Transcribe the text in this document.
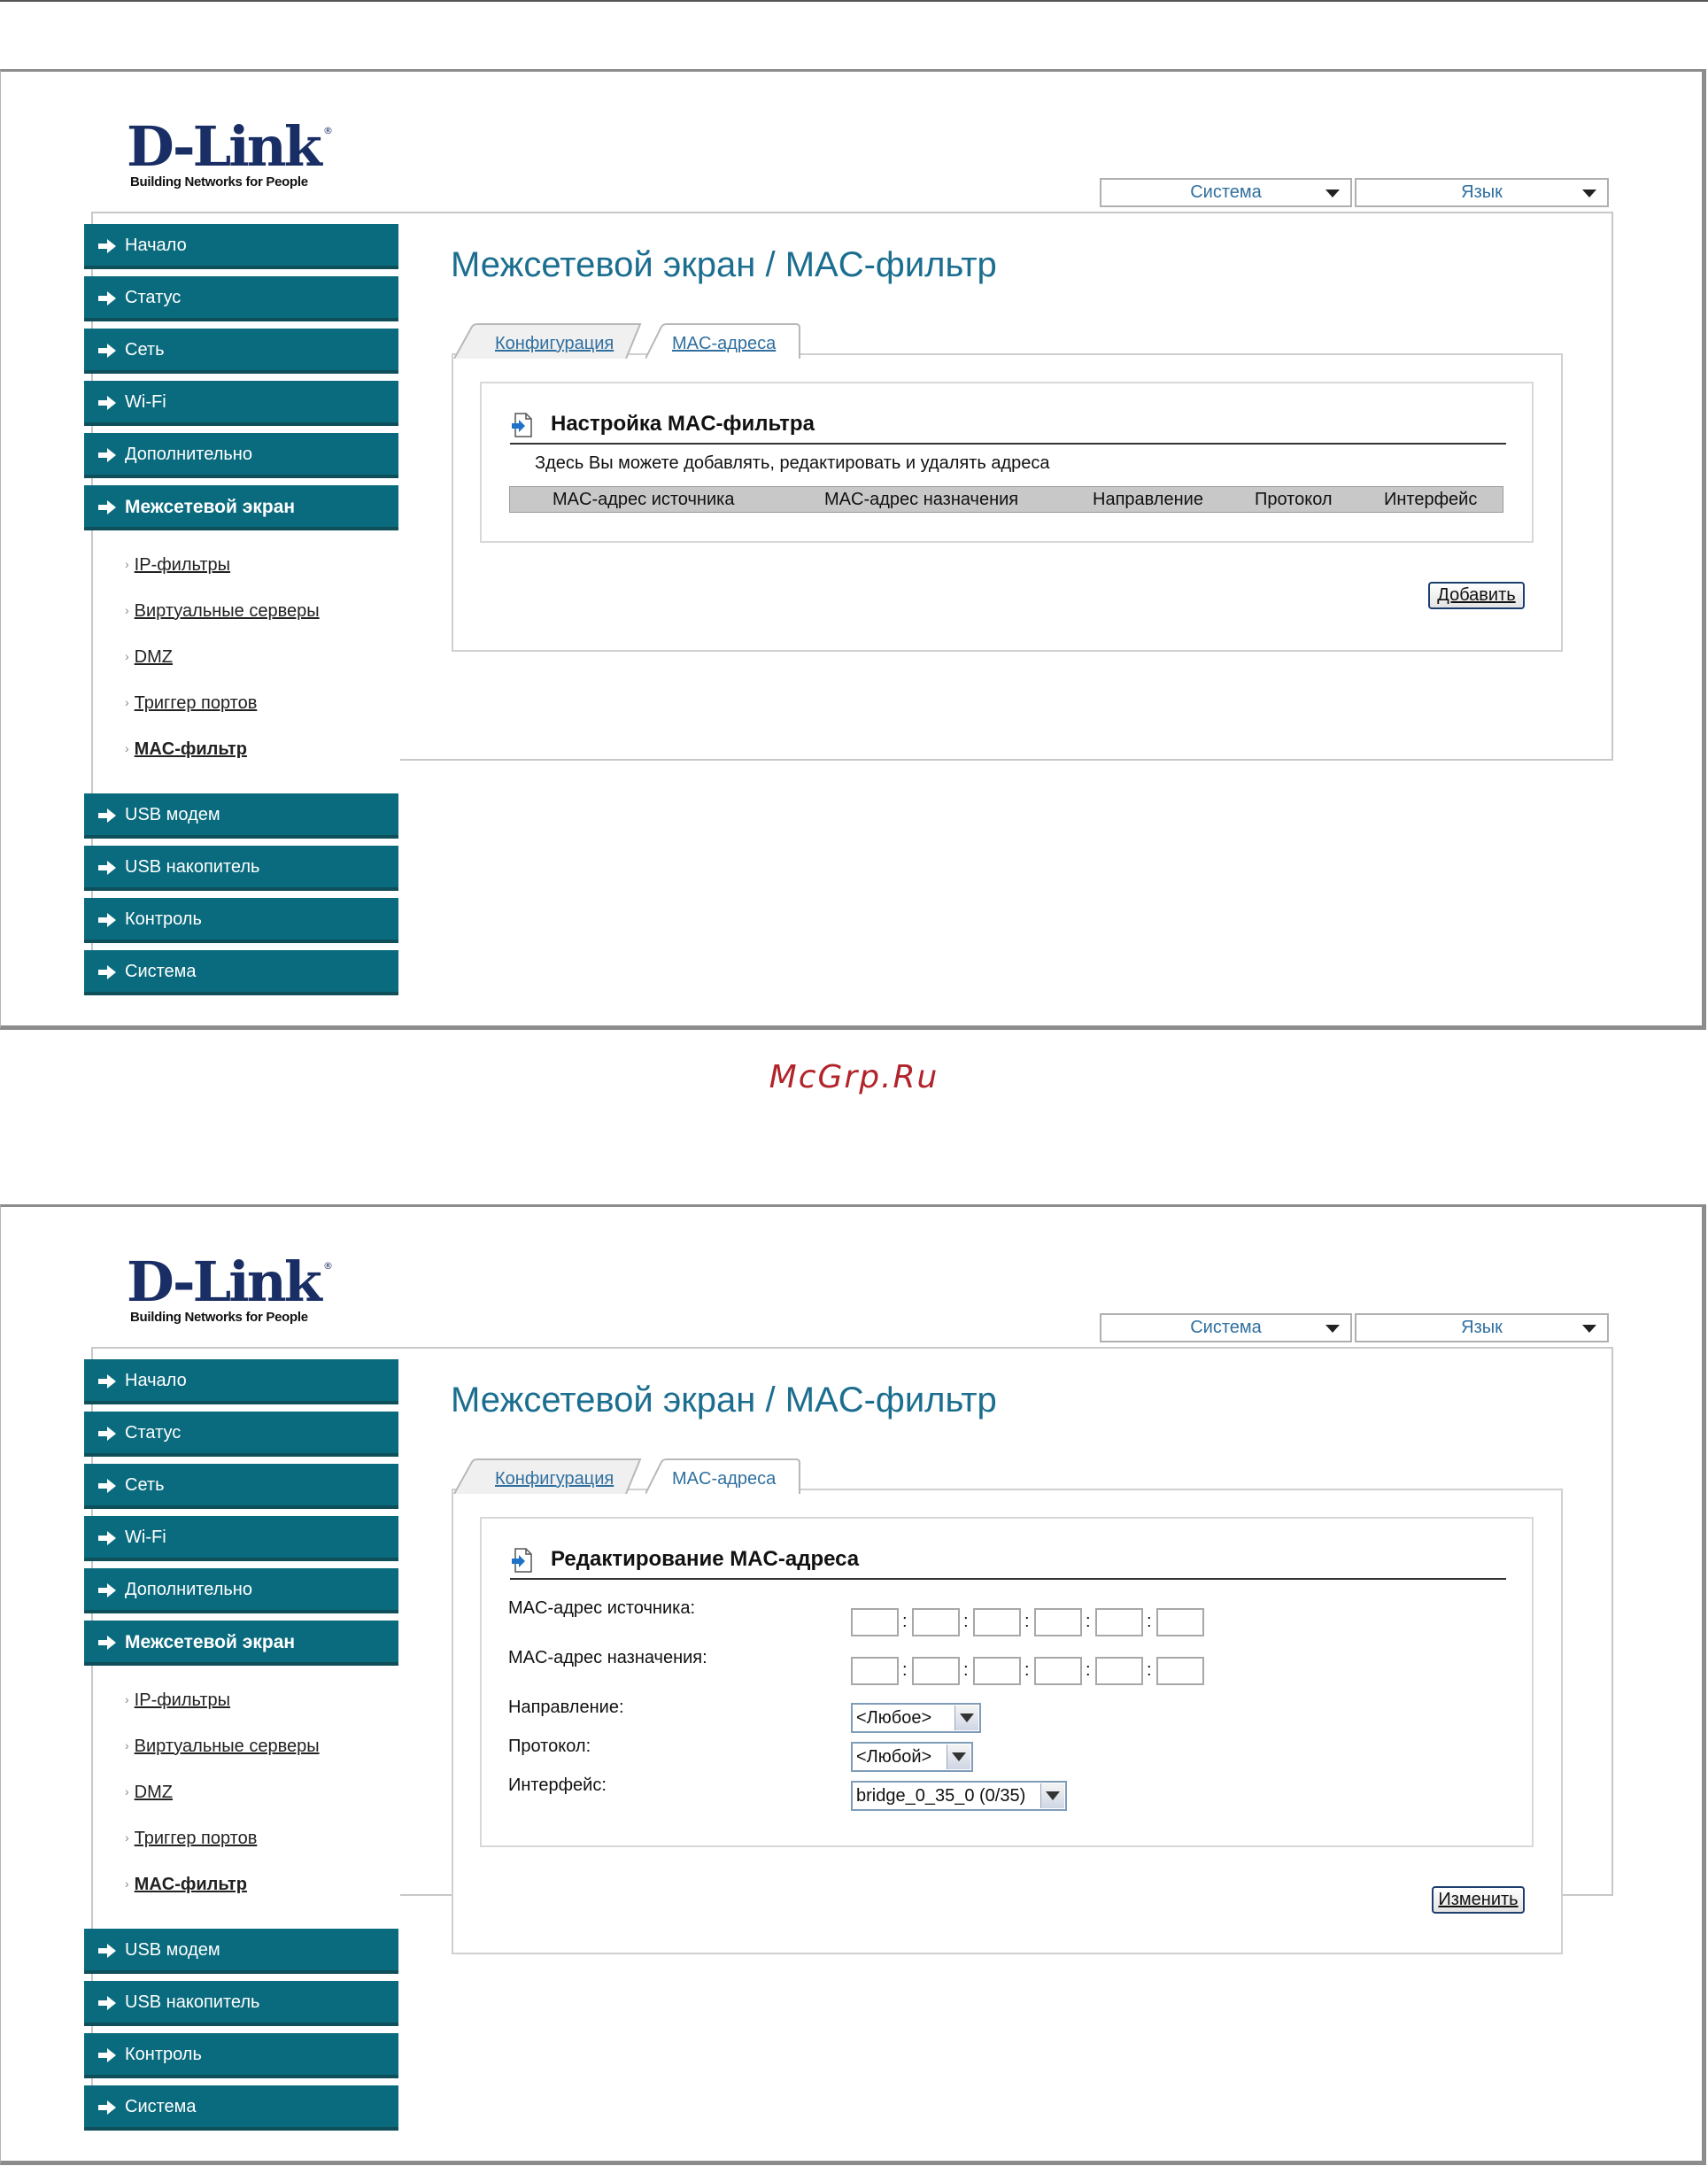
D-Link ®
Building Networks for People
Система	Язык
Начало
Статус
Сеть
Wi-Fi
Дополнительно
Межсетевой экран
› IP-фильтры
› Виртуальные серверы
› DMZ
› Триггер портов
› MAC-фильтр
USB модем
USB накопитель
Контроль
Система
Межсетевой экран / MAC-фильтр
Конфигурация	MAC-адреса
Настройка MAC-фильтра
Здесь Вы можете добавлять, редактировать и удалять адреса
MAC-адрес источника	MAC-адрес назначения	Направление	Протокол	Интерфейс
Добавить
McGrp.Ru
D-Link ®
Building Networks for People
Система	Язык
Начало
Статус
Сеть
Wi-Fi
Дополнительно
Межсетевой экран
› IP-фильтры
› Виртуальные серверы
› DMZ
› Триггер портов
› MAC-фильтр
USB модем
USB накопитель
Контроль
Система
Межсетевой экран / MAC-фильтр
Конфигурация	MAC-адреса
Редактирование MAC-адреса
MAC-адрес источника:
:	:	:	:	:
MAC-адрес назначения:
:	:	:	:	:
Направление:
<Любое>
Протокол:
<Любой>
Интерфейс:
bridge_0_35_0 (0/35)
Изменить
